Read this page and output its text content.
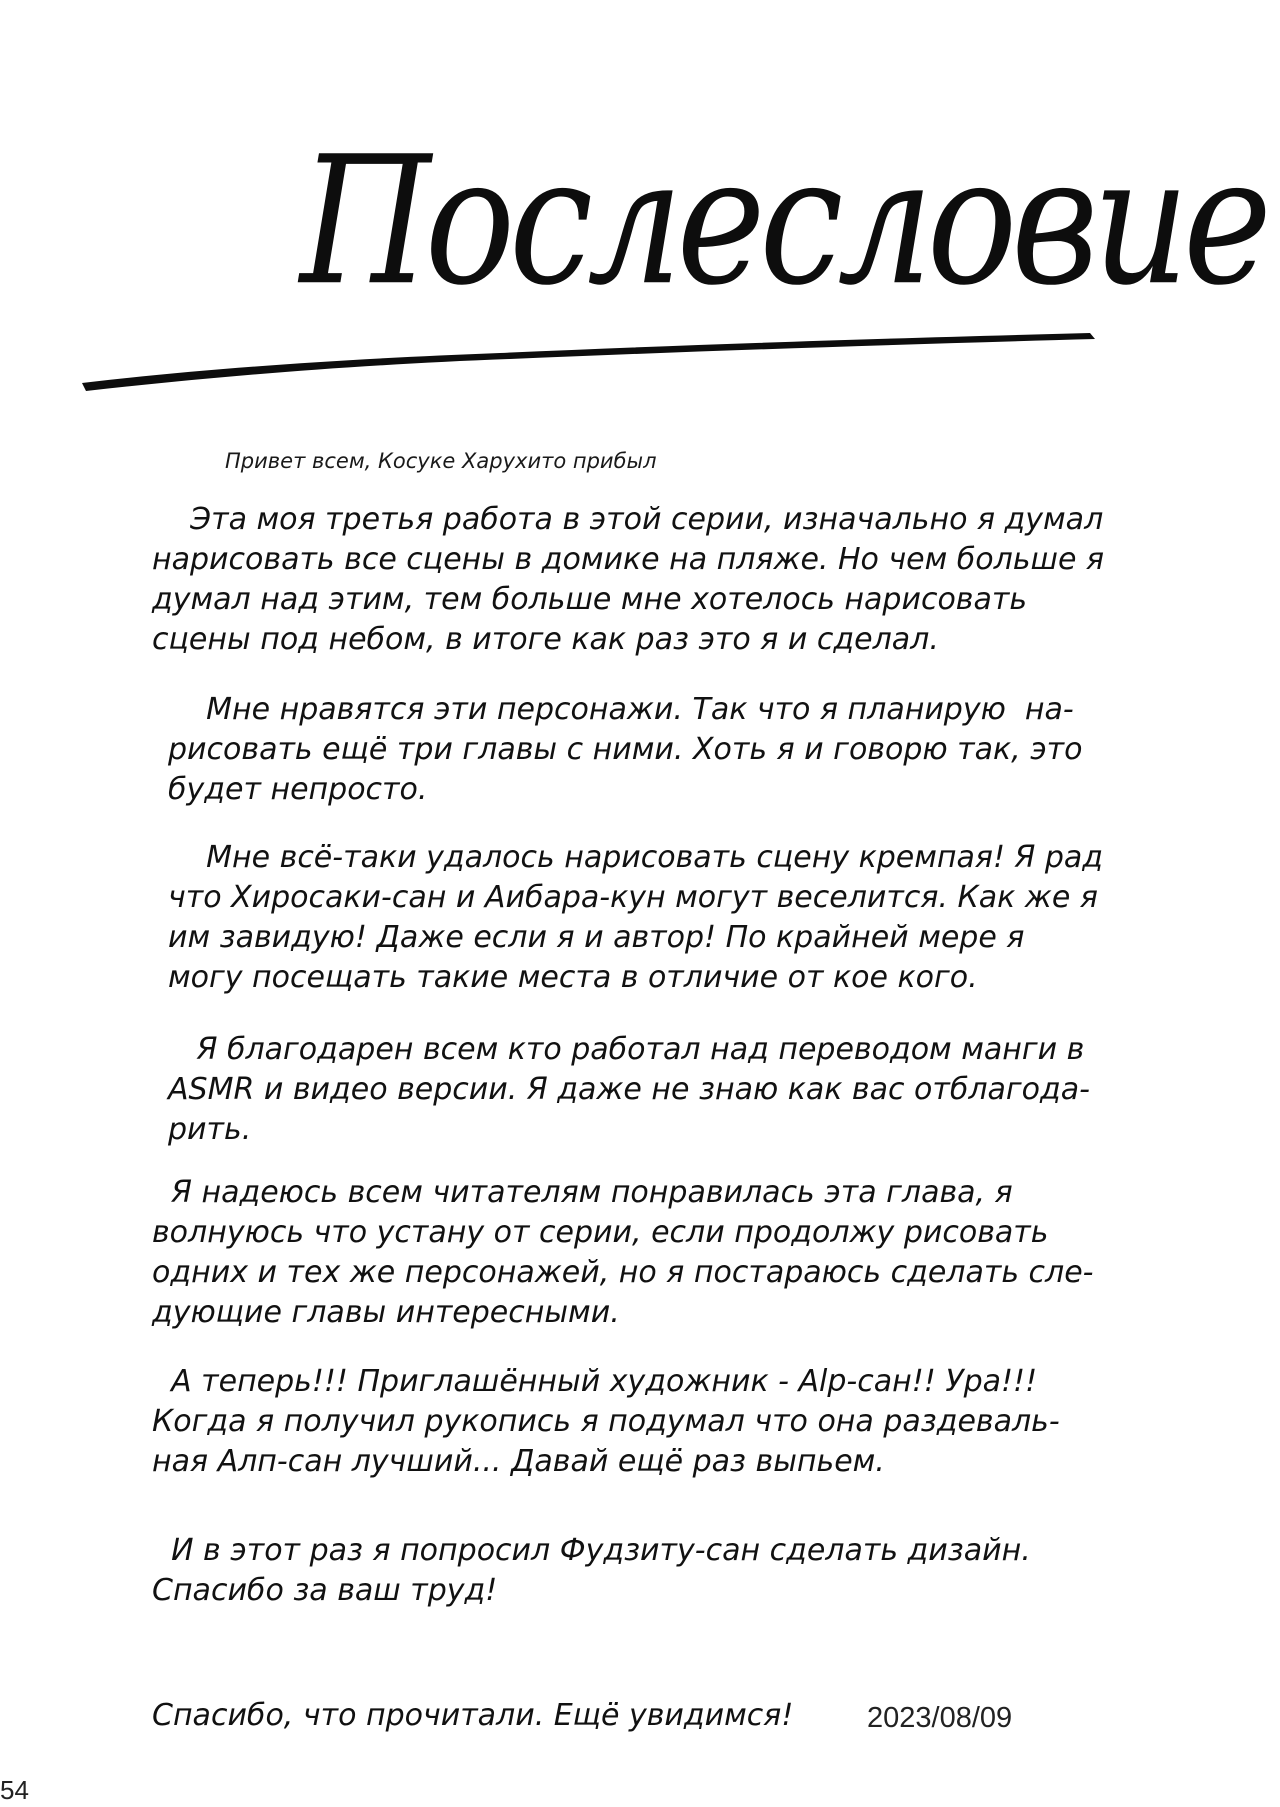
Послесловие
Привет всем, Косуке Харухито прибыл

Эта моя третья работа в этой серии, изначально я думал
нарисовать все сцены в домике на пляже. Но чем больше я
думал над этим, тем больше мне хотелось нарисовать
сцены под небом, в итоге как раз это я и сделал.

Мне нравятся эти персонажи. Так что я планирую  на-
рисовать ещё три главы с ними. Хоть я и говорю так, это
будет непросто.

Мне всё-таки удалось нарисовать сцену кремпая! Я рад
что Хиросаки-сан и Аибара-кун могут веселится. Как же я
им завидую! Даже если я и автор! По крайней мере я
могу посещать такие места в отличие от кое кого.

Я благодарен всем кто работал над переводом манги в
ASMR и видео версии. Я даже не знаю как вас отблагода-
рить.

Я надеюсь всем читателям понравилась эта глава, я
волнуюсь что устану от серии, если продолжу рисовать
одних и тех же персонажей, но я постараюсь сделать сле-
дующие главы интересными.

А теперь!!! Приглашённый художник - Alp-сан!! Ура!!!
Когда я получил рукопись я подумал что она раздеваль-
ная Алп-сан лучший... Давай ещё раз выпьем.

И в этот раз я попросил Фудзиту-сан сделать дизайн.
Спасибо за ваш труд!

Спасибо, что прочитали. Ещё увидимся!	2023/08/09
54
